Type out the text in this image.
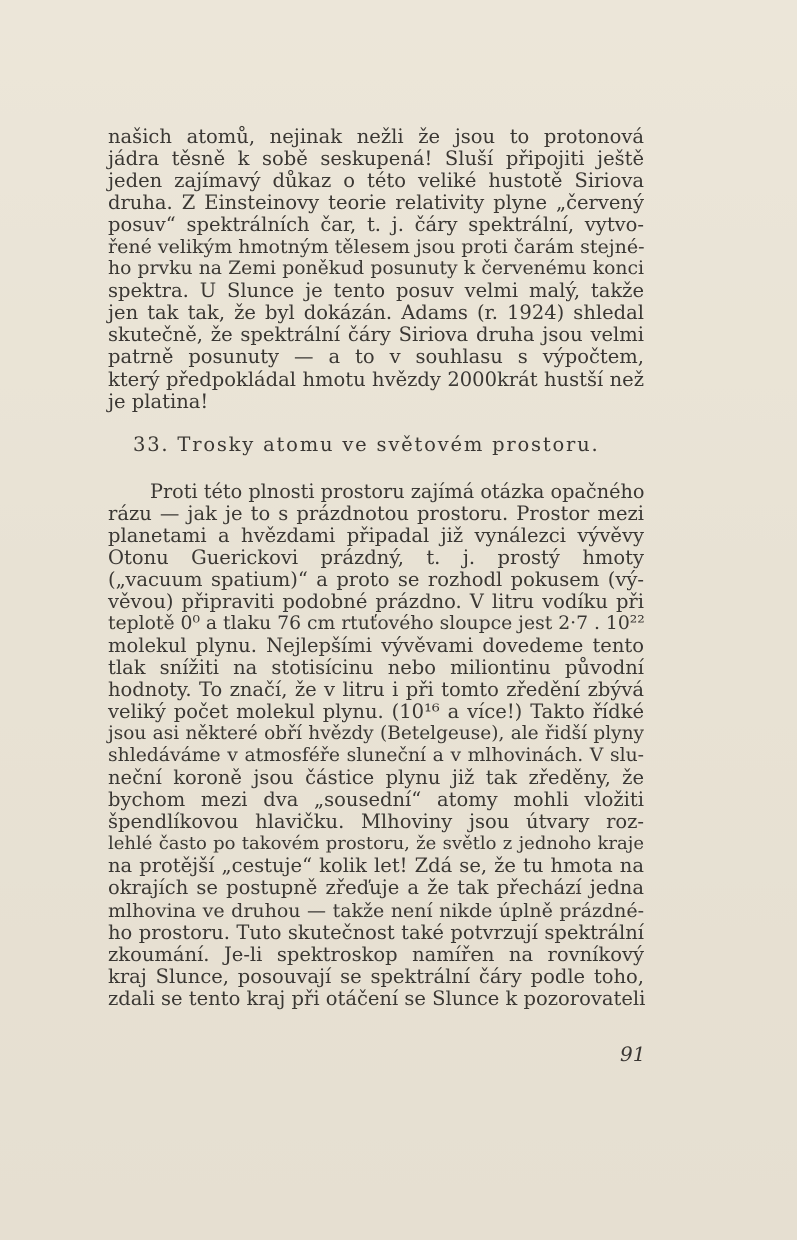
našich atomů, nejinak nežli že jsou to protonová
jádra těsně k sobě seskupená! Sluší připojiti ještě
jeden zajímavý důkaz o této veliké hustotě Siriova
druha. Z Einsteinovy teorie relativity plyne „červený
posuv“ spektrálních čar, t. j. čáry spektrální, vytvo-
řené velikým hmotným tělesem jsou proti čarám stejné-
ho prvku na Zemi poněkud posunuty k červenému konci
spektra. U Slunce je tento posuv velmi malý, takže
jen tak tak, že byl dokázán. Adams (r. 1924) shledal
skutečně, že spektrální čáry Siriova druha jsou velmi
patrně posunuty — a to v souhlasu s výpočtem,
který předpokládal hmotu hvězdy 2000krát hustší než
je platina!
33. Trosky atomu ve světovém prostoru.
Proti této plnosti prostoru zajímá otázka opačného
rázu — jak je to s prázdnotou prostoru. Prostor mezi
planetami a hvězdami připadal již vynálezci vývěvy
Otonu Guerickovi prázdný, t. j. prostý hmoty
(„vacuum spatium)“ a proto se rozhodl pokusem (vý-
věvou) připraviti podobné prázdno. V litru vodíku při
teplotě 0⁰ a tlaku 76 cm rtuťového sloupce jest 2·7 . 10²²
molekul plynu. Nejlepšími vývěvami dovedeme tento
tlak snížiti na stotisícinu nebo miliontinu původní
hodnoty. To značí, že v litru i při tomto zředění zbývá
veliký počet molekul plynu. (10¹⁶ a více!) Takto řídké
jsou asi některé obří hvězdy (Betelgeuse), ale řidší plyny
shledáváme v atmosféře sluneční a v mlhovinách. V slu-
neční koroně jsou částice plynu již tak zředěny, že
bychom mezi dva „sousední“ atomy mohli vložiti
špendlíkovou hlavičku. Mlhoviny jsou útvary roz-
lehlé často po takovém prostoru, že světlo z jednoho kraje
na protější „cestuje“ kolik let! Zdá se, že tu hmota na
okrajích se postupně zřeďuje a že tak přechází jedna
mlhovina ve druhou — takže není nikde úplně prázdné-
ho prostoru. Tuto skutečnost také potvrzují spektrální
zkoumání. Je-li spektroskop namířen na rovníkový
kraj Slunce, posouvají se spektrální čáry podle toho,
zdali se tento kraj při otáčení se Slunce k pozorovateli
91
